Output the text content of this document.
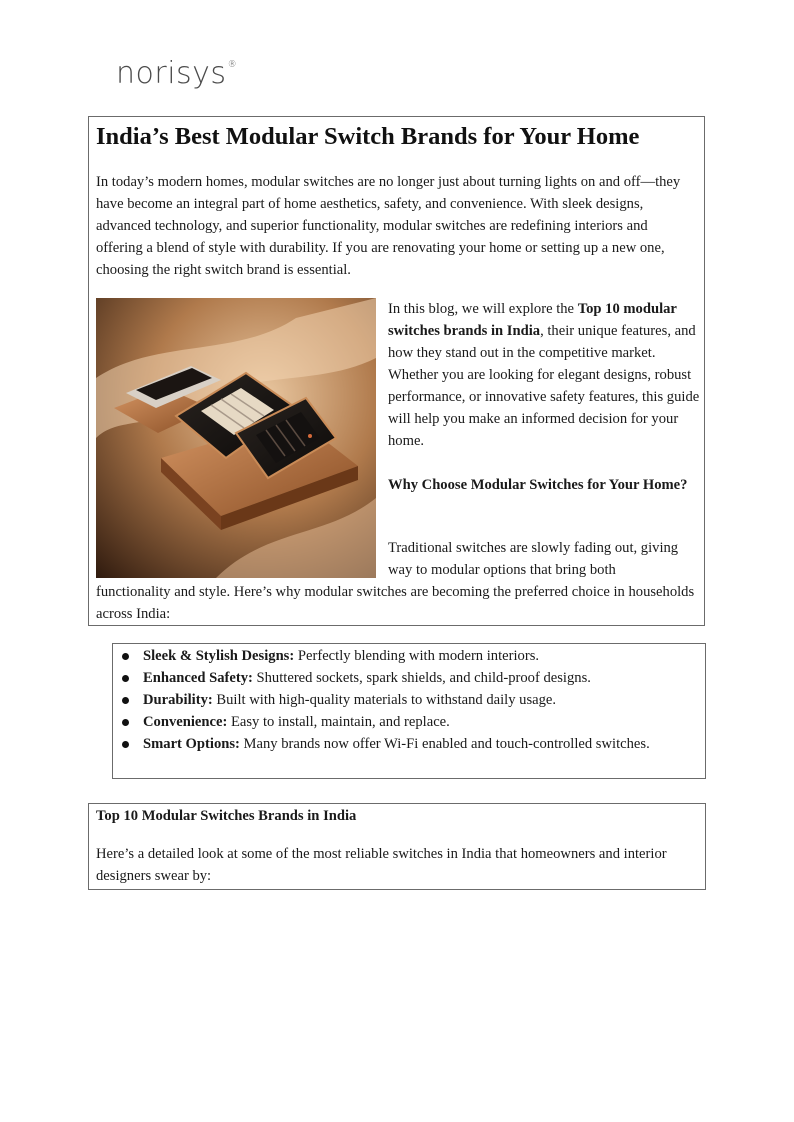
norisys®
India’s Best Modular Switch Brands for Your Home

In today’s modern homes, modular switches are no longer just about turning lights on and off—they have become an integral part of home aesthetics, safety, and convenience. With sleek designs, advanced technology, and superior functionality, modular switches are redefining interiors and offering a blend of style with durability. If you are renovating your home or setting up a new one, choosing the right switch brand is essential.

In this blog, we will explore the Top 10 modular switches brands in India, their unique features, and how they stand out in the competitive market. Whether you are looking for elegant designs, robust performance, or innovative safety features, this guide will help you make an informed decision for your home.

Why Choose Modular Switches for Your Home?

Traditional switches are slowly fading out, giving way to modular options that bring both

functionality and style. Here’s why modular switches are becoming the preferred choice in households across India:

Sleek & Stylish Designs: Perfectly blending with modern interiors.
Enhanced Safety: Shuttered sockets, spark shields, and child-proof designs.
Durability: Built with high-quality materials to withstand daily usage.
Convenience: Easy to install, maintain, and replace.
Smart Options: Many brands now offer Wi-Fi enabled and touch-controlled switches.
Top 10 Modular Switches Brands in India

Here’s a detailed look at some of the most reliable switches in India that homeowners and interior designers swear by:
